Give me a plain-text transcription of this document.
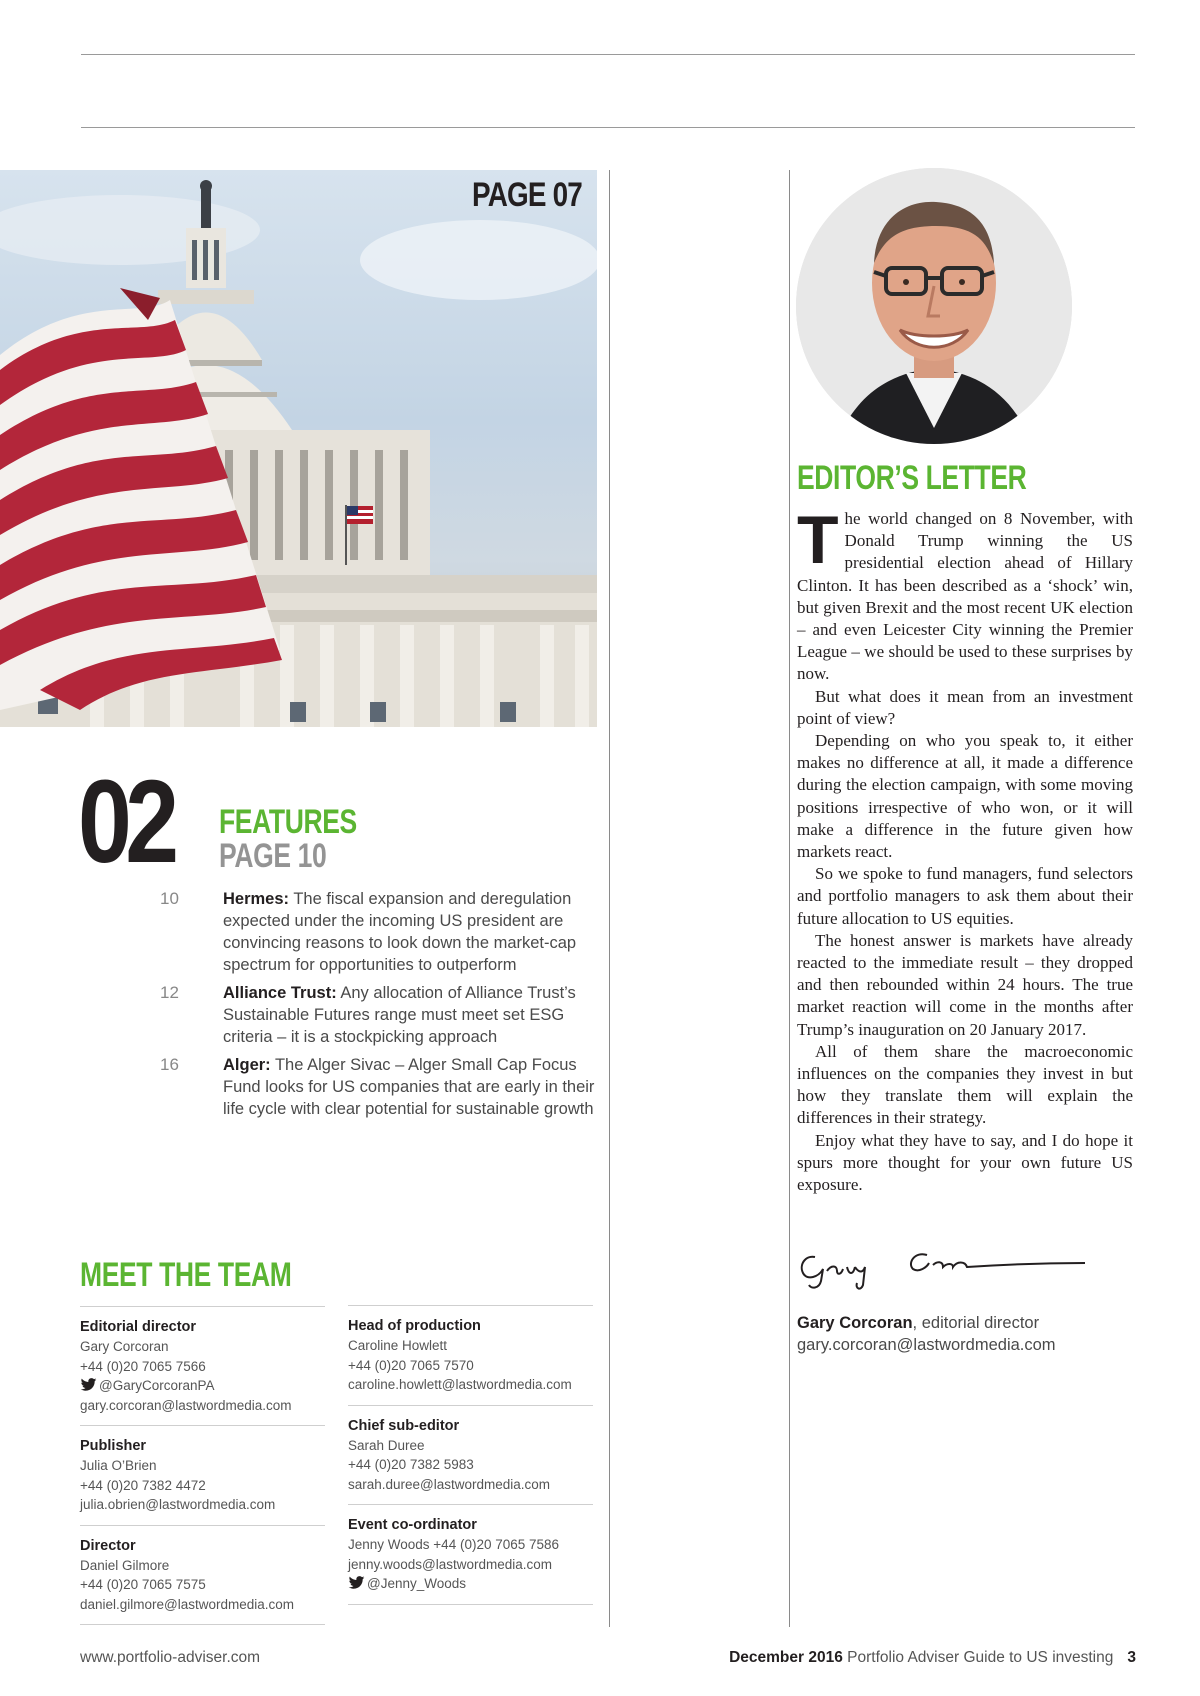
PAGE 07
02 FEATURES
PAGE 10
10	Hermes: The fiscal expansion and deregulation expected under the incoming US president are convincing reasons to look down the market-cap spectrum for opportunities to outperform
12	Alliance Trust: Any allocation of Alliance Trust’s Sustainable Futures range must meet set ESG criteria – it is a stockpicking approach
16	Alger: The Alger Sivac – Alger Small Cap Focus Fund looks for US companies that are early in their life cycle with clear potential for sustainable growth
MEET THE TEAM
Editorial director
Gary Corcoran
+44 (0)20 7065 7566
@GaryCorcoranPA
gary.corcoran@lastwordmedia.com
Publisher
Julia O’Brien
+44 (0)20 7382 4472
julia.obrien@lastwordmedia.com
Director
Daniel Gilmore
+44 (0)20 7065 7575
daniel.gilmore@lastwordmedia.com
Head of production
Caroline Howlett
+44 (0)20 7065 7570
caroline.howlett@lastwordmedia.com
Chief sub-editor
Sarah Duree
+44 (0)20 7382 5983
sarah.duree@lastwordmedia.com
Event co-ordinator
Jenny Woods +44 (0)20 7065 7586
jenny.woods@lastwordmedia.com
@Jenny_Woods
EDITOR’S LETTER

The world changed on 8 November, with Donald Trump winning the US presidential election ahead of Hillary Clinton. It has been described as a ‘shock’ win, but given Brexit and the most recent UK election – and even Leicester City winning the Premier League – we should be used to these surprises by now.

But what does it mean from an investment point of view?

Depending on who you speak to, it either makes no difference at all, it made a difference during the election campaign, with some moving positions irrespective of who won, or it will make a difference in the future given how markets react.

So we spoke to fund managers, fund selectors and portfolio managers to ask them about their future allocation to US equities.

The honest answer is markets have already reacted to the immediate result – they dropped and then rebounded within 24 hours. The true market reaction will come in the months after Trump’s inauguration on 20 January 2017.

All of them share the macroeconomic influences on the companies they invest in but how they translate them will explain the differences in their strategy.

Enjoy what they have to say, and I do hope it spurs more thought for your own future US exposure.

Gary Corcoran, editorial director
gary.corcoran@lastwordmedia.com
www.portfolio-adviser.com	December 2016 Portfolio Adviser Guide to US investing 3
